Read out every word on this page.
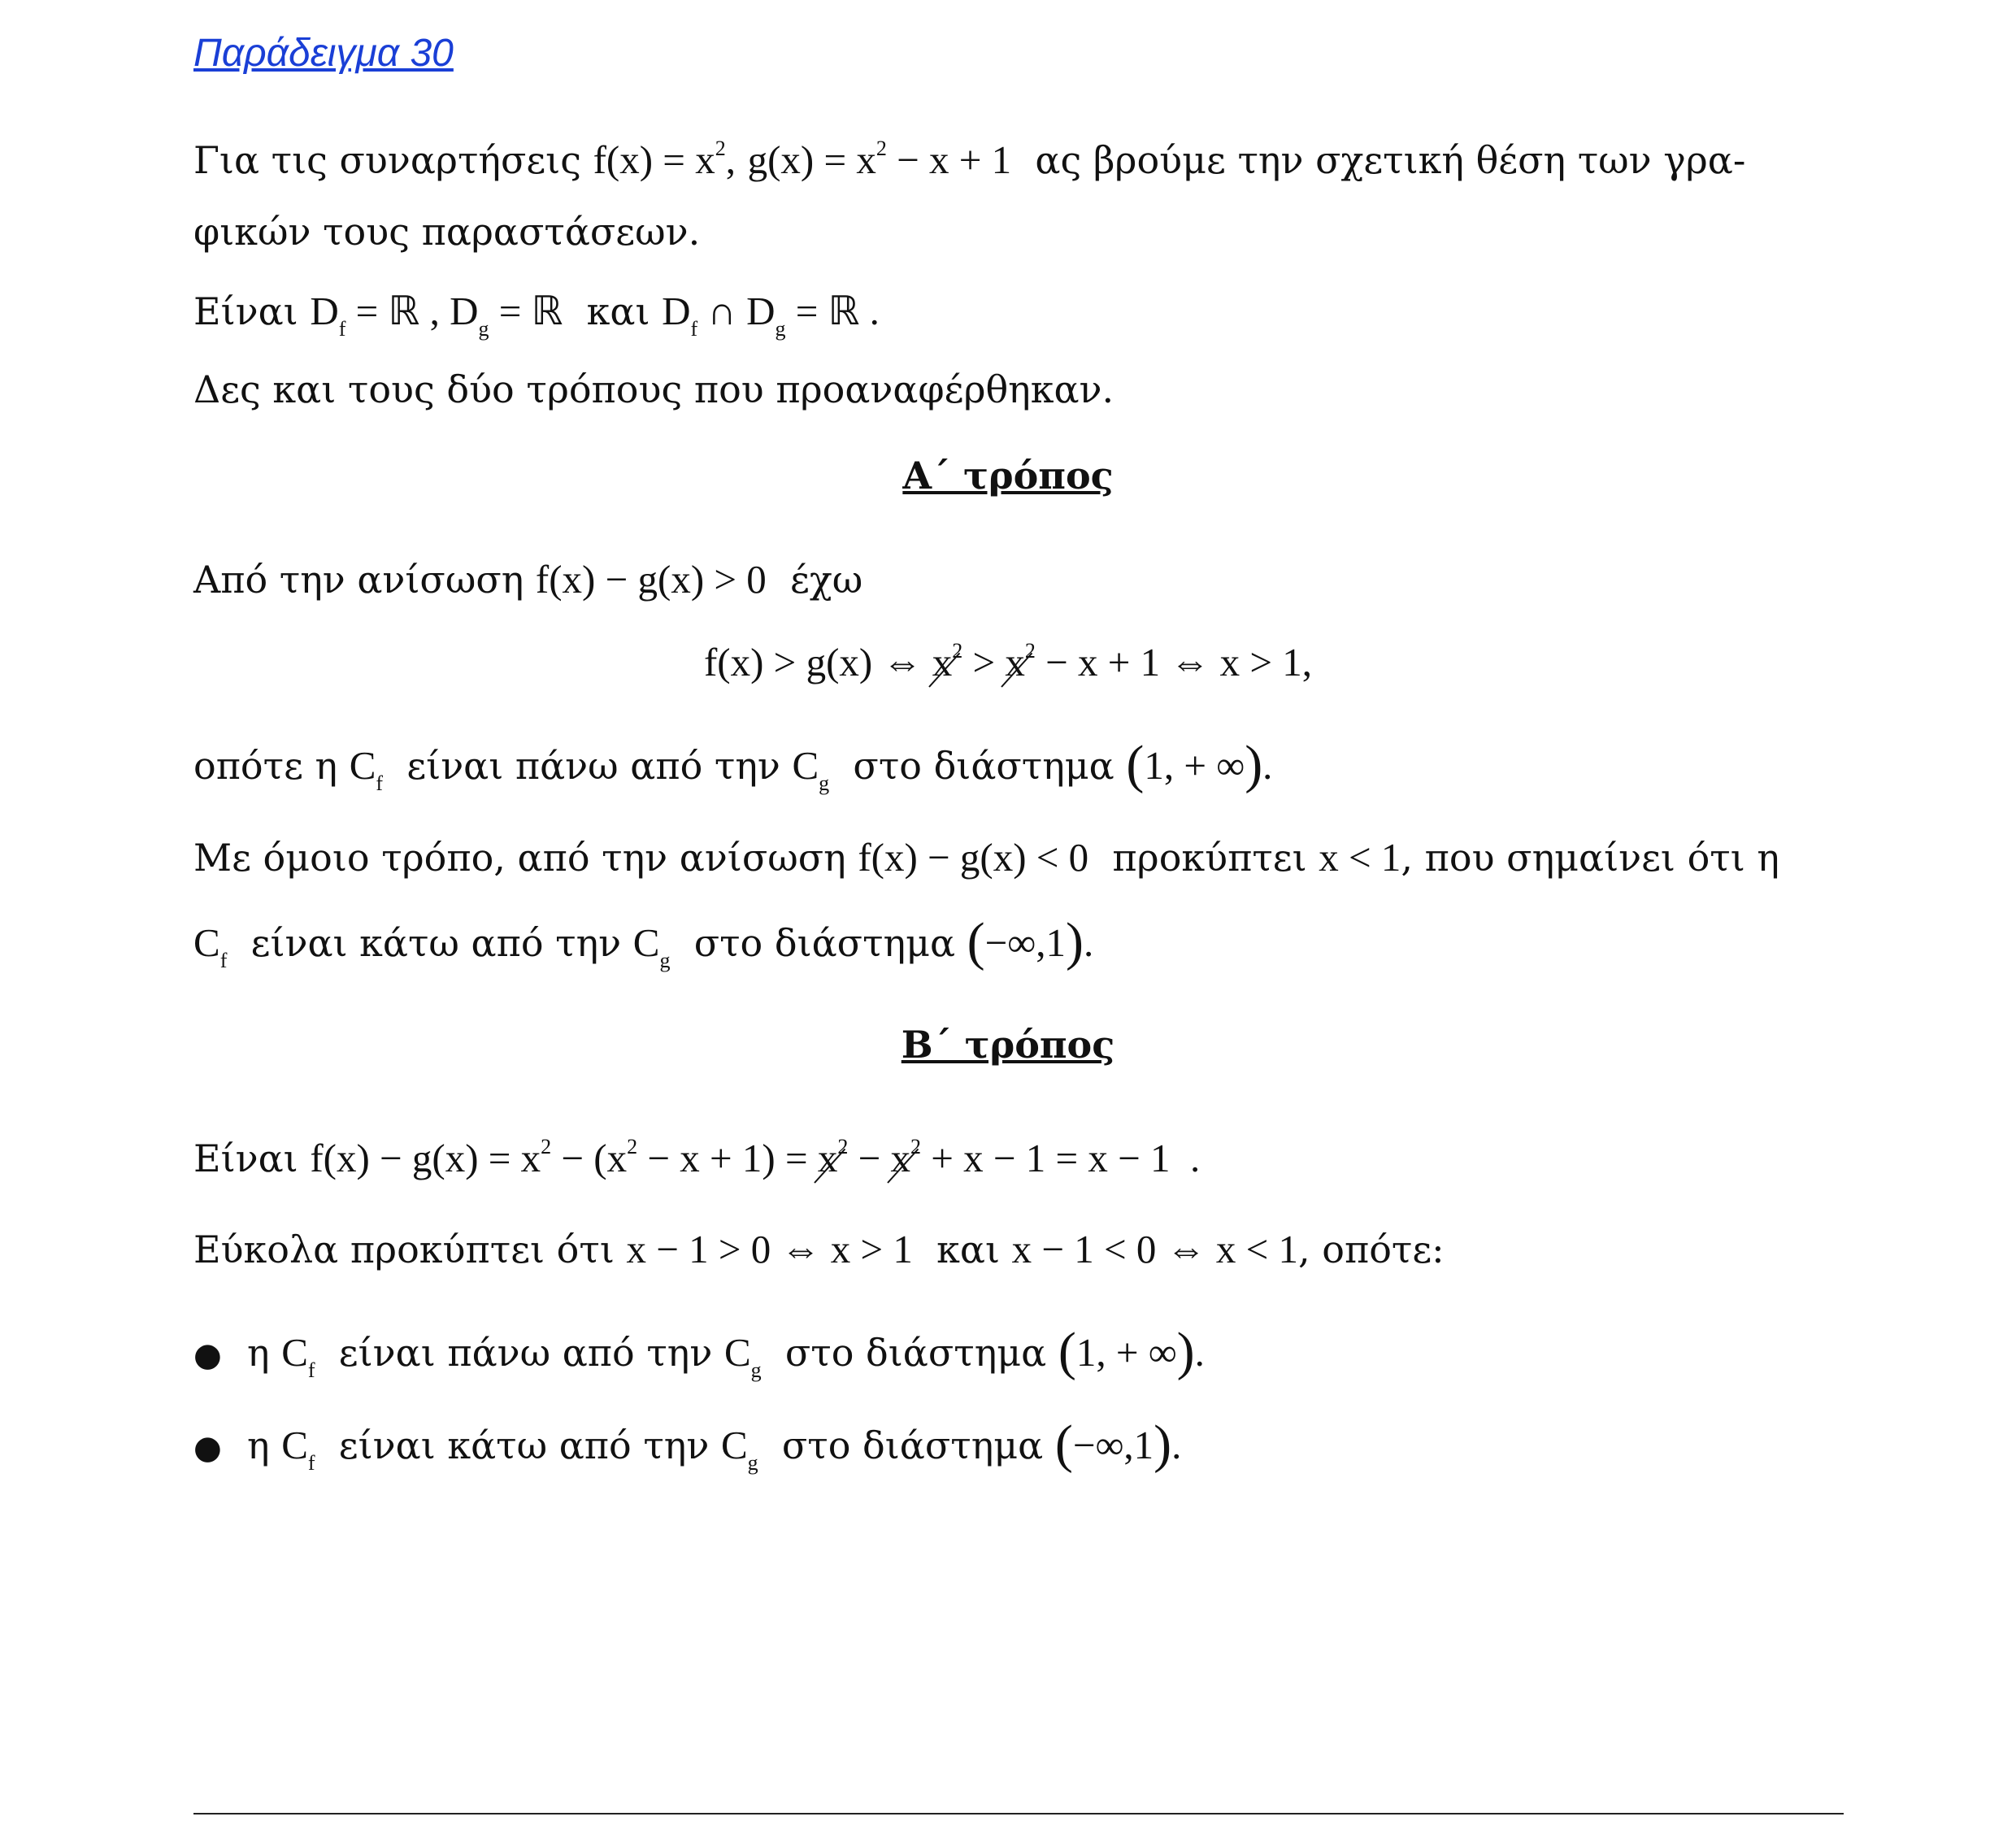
Παράδειγμα 30
Για τις συναρτήσεις $f(x) = x^2$, $g(x) = x^2 - x + 1$ ας βρούμε την σχετική θέση των γρα-
φικών τους παραστάσεων.
Είναι $D_f$ = ℝ , $D_g$ = ℝ και $D_f$ ∩ $D_g$ = ℝ .
Δες και τους δύο τρόπους που προαναφέρθηκαν.
Α΄ τρόπος
Από την ανίσωση f(x) − g(x) > 0 έχω
f(x) > g(x) ⇔ $x^2 > x^2 - x + 1$ ⇔ x > 1,
οπότε η $C_f$ είναι πάνω από την $C_g$ στο διάστημα (1, + ∞).
Με όμοιο τρόπο, από την ανίσωση f(x) − g(x) < 0 προκύπτει x < 1, που σημαίνει ότι η
$C_f$ είναι κάτω από την $C_g$ στο διάστημα (−∞,1).
Β΄ τρόπος
Είναι $f(x) - g(x) = x^2 - (x^2 - x + 1) = x^2 - x^2 + x - 1 = x - 1$  .
Εύκολα προκύπτει ότι x − 1 > 0 ⇔ x > 1 και x − 1 < 0 ⇔ x < 1, οπότε:
● η $C_f$ είναι πάνω από την $C_g$ στο διάστημα (1, + ∞).
● η $C_f$ είναι κάτω από την $C_g$ στο διάστημα (−∞,1).
